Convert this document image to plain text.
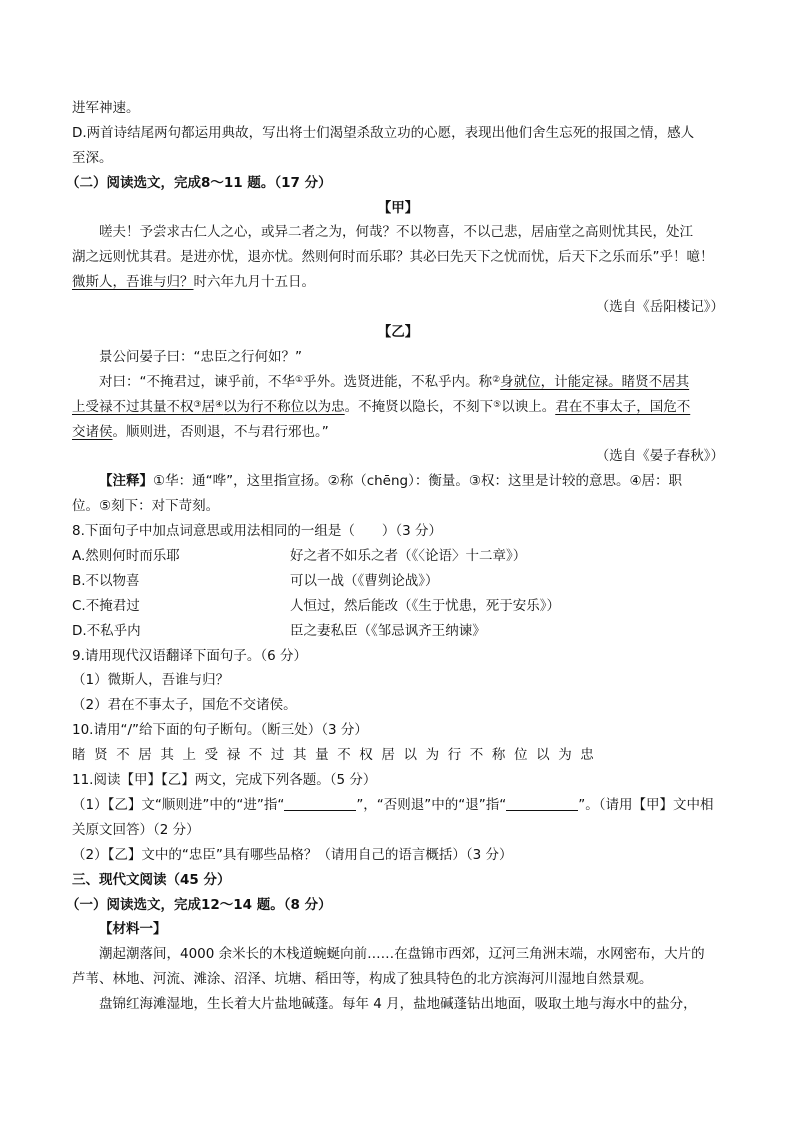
进军神速。
D.两首诗结尾两句都运用典故，写出将士们渴望杀敌立功的心愿，表现出他们舍生忘死的报国之情，感人
至深。
（二）阅读选文，完成8～11 题。（17 分）
【甲】
嗟夫！予尝求古仁人之心，或异二者之为，何哉？不以物喜，不以己悲，居庙堂之高则忧其民，处江
湖之远则忧其君。是进亦忧，退亦忧。然则何时而乐耶？其必曰先天下之忧而忧，后天下之乐而乐”乎！噫！
微斯人，吾谁与归？时六年九月十五日。
（选自《岳阳楼记》）
【乙】
景公问晏子曰：“忠臣之行何如？”
对曰：“不掩君过，谏乎前，不华①乎外。选贤进能，不私乎内。称②身就位，计能定禄。睹贤不居其
上受禄不过其量不权③居④以为行不称位以为忠。不掩贤以隐长，不刻下⑤以谀上。君在不事太子，国危不
交诸侯。顺则进，否则退，不与君行邪也。”
（选自《晏子春秋》）
【注释】①华：通“哗”，这里指宣扬。②称（chēng）：衡量。③权：这里是计较的意思。④居：职
位。⑤刻下：对下苛刻。
8.下面句子中加点词意思或用法相同的一组是（　　）（3 分）
A.然则何时而乐耶	好之者不如乐之者（《〈论语〉十二章》）
B.不以物喜	可以一战（《曹刿论战》）
C.不掩君过	人恒过，然后能改（《生于忧患，死于安乐》）
D.不私乎内	臣之妻私臣（《邹忌讽齐王纳谏》
9.请用现代汉语翻译下面句子。（6 分）
（1）微斯人，吾谁与归？
（2）君在不事太子，国危不交诸侯。
10.请用“/”给下面的句子断句。（断三处）（3 分）
睹贤不居其上受禄不过其量不权居以为行不称位以为忠
11.阅读【甲】【乙】两文，完成下列各题。（5 分）
（1）【乙】文“顺则进”中的“进”指“	”，“否则退”中的“退”指“	”。（请用【甲】文中相
关原文回答）（2 分）
（2）【乙】文中的“忠臣”具有哪些品格？（请用自己的语言概括）（3 分）
三、现代文阅读（45 分）
（一）阅读选文，完成12～14 题。（8 分）
【材料一】
潮起潮落间，4000 余米长的木栈道蜿蜒向前……在盘锦市西郊，辽河三角洲末端，水网密布，大片的
芦苇、林地、河流、滩涂、沼泽、坑塘、稻田等，构成了独具特色的北方滨海河川湿地自然景观。
盘锦红海滩湿地，生长着大片盐地碱蓬。每年 4 月，盐地碱蓬钻出地面，吸取土地与海水中的盐分，
